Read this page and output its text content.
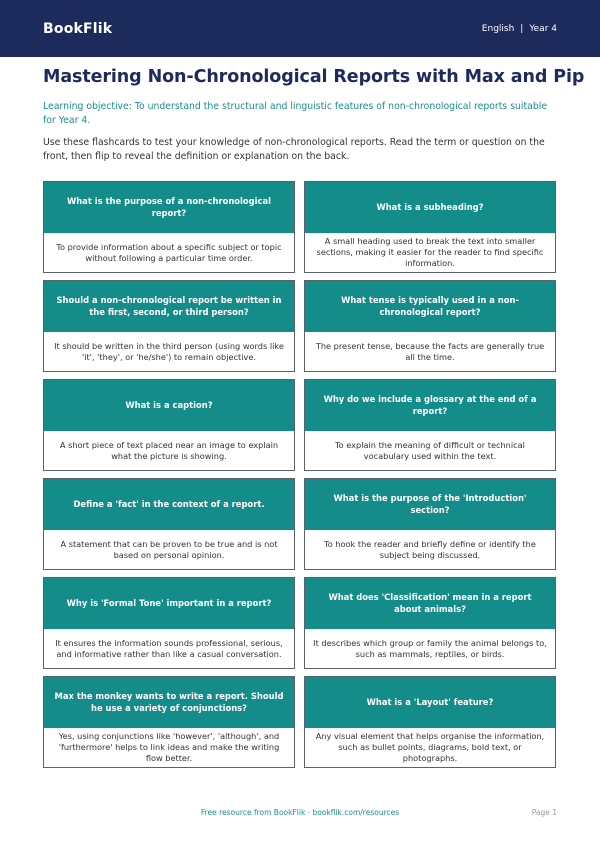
BookFlik	English | Year 4
Mastering Non-Chronological Reports with Max and Pip

Learning objective: To understand the structural and linguistic features of non-chronological reports suitable for Year 4.

Use these flashcards to test your knowledge of non-chronological reports. Read the term or question on the front, then flip to reveal the definition or explanation on the back.

What is the purpose of a non-chronological report?
To provide information about a specific subject or topic without following a particular time order.
What is a subheading?
A small heading used to break the text into smaller sections, making it easier for the reader to find specific information.
Should a non-chronological report be written in the first, second, or third person?
It should be written in the third person (using words like 'it', 'they', or 'he/she') to remain objective.
What tense is typically used in a non-chronological report?
The present tense, because the facts are generally true all the time.
What is a caption?
A short piece of text placed near an image to explain what the picture is showing.
Why do we include a glossary at the end of a report?
To explain the meaning of difficult or technical vocabulary used within the text.
Define a 'fact' in the context of a report.
A statement that can be proven to be true and is not based on personal opinion.
What is the purpose of the 'Introduction' section?
To hook the reader and briefly define or identify the subject being discussed.
Why is 'Formal Tone' important in a report?
It ensures the information sounds professional, serious, and informative rather than like a casual conversation.
What does 'Classification' mean in a report about animals?
It describes which group or family the animal belongs to, such as mammals, reptiles, or birds.
Max the monkey wants to write a report. Should he use a variety of conjunctions?
Yes, using conjunctions like 'however', 'although', and 'furthermore' helps to link ideas and make the writing flow better.
What is a 'Layout' feature?
Any visual element that helps organise the information, such as bullet points, diagrams, bold text, or photographs.
Free resource from BookFlik · bookflik.com/resources	Page 1
